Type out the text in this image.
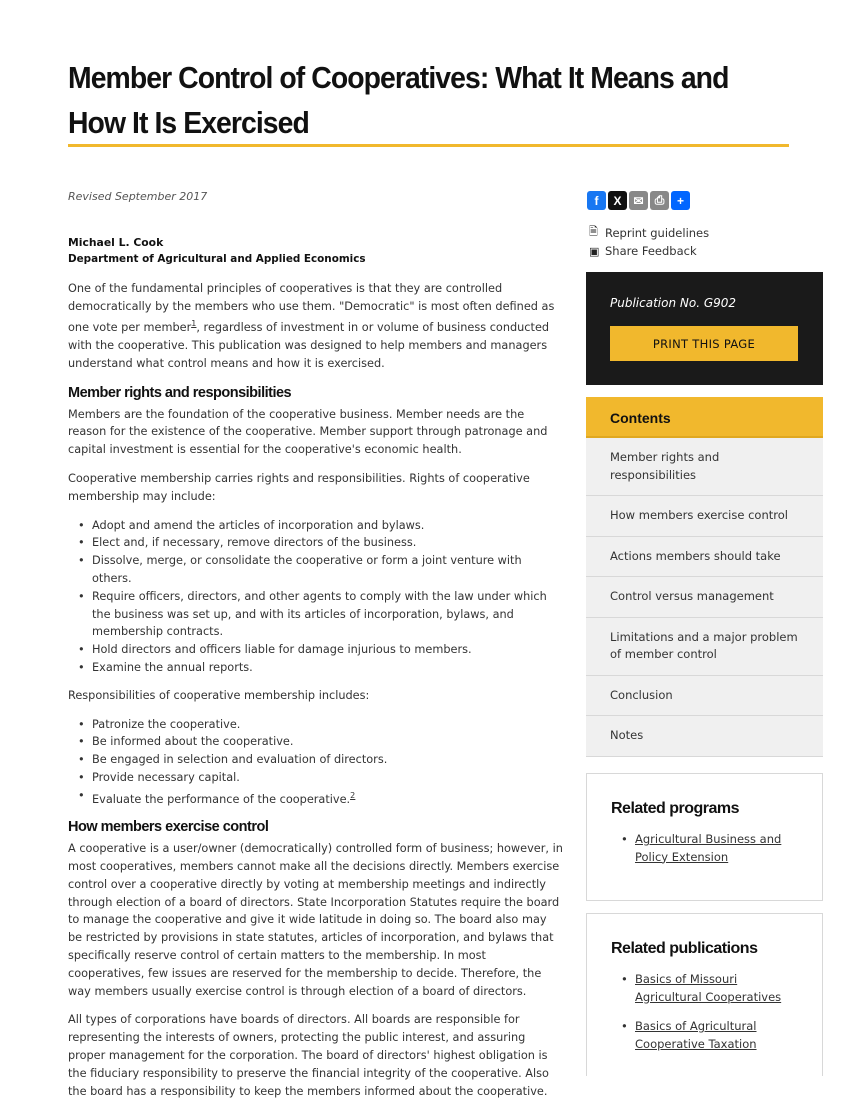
Member Control of Cooperatives: What It Means and How It Is Exercised
Revised September 2017
Michael L. Cook
Department of Agricultural and Applied Economics

One of the fundamental principles of cooperatives is that they are controlled democratically by the members who use them. "Democratic" is most often defined as one vote per member$^1$, regardless of investment in or volume of business conducted with the cooperative. This publication was designed to help members and managers understand what control means and how it is exercised.

Member rights and responsibilities

Members are the foundation of the cooperative business. Member needs are the reason for the existence of the cooperative. Member support through patronage and capital investment is essential for the cooperative's economic health.

Cooperative membership carries rights and responsibilities. Rights of cooperative membership may include:

• Adopt and amend the articles of incorporation and bylaws.
• Elect and, if necessary, remove directors of the business.
• Dissolve, merge, or consolidate the cooperative or form a joint venture with others.
• Require officers, directors, and other agents to comply with the law under which the business was set up, and with its articles of incorporation, bylaws, and membership contracts.
• Hold directors and officers liable for damage injurious to members.
• Examine the annual reports.

Responsibilities of cooperative membership includes:

• Patronize the cooperative.
• Be informed about the cooperative.
• Be engaged in selection and evaluation of directors.
• Provide necessary capital.
• Evaluate the performance of the cooperative.$^2$
How members exercise control

A cooperative is a user/owner (democratically) controlled form of business; however, in most cooperatives, members cannot make all the decisions directly. Members exercise control over a cooperative directly by voting at membership meetings and indirectly through election of a board of directors. State Incorporation Statutes require the board to manage the cooperative and give it wide latitude in doing so. The board also may be restricted by provisions in state statutes, articles of incorporation, and bylaws that specifically reserve control of certain matters to the membership. In most cooperatives, few issues are reserved for the membership to decide. Therefore, the way members usually exercise control is through election of a board of directors.

All types of corporations have boards of directors. All boards are responsible for representing the interests of owners, protecting the public interest, and assuring proper management for the corporation. The board of directors' highest obligation is the fiduciary responsibility to preserve the financial integrity of the cooperative. Also the board has a responsibility to keep the members informed about the cooperative.

f	X ✉ ⎙	+
🗎 Reprint guidelines
▣ Share Feedback
Publication No. G902
PRINT THIS PAGE
Contents
Member rights and responsibilities
How members exercise control
Actions members should take
Control versus management
Limitations and a major problem of member control
Conclusion
Notes
Related programs
• Agricultural Business and Policy Extension
Related publications
• Basics of Missouri Agricultural Cooperatives
• Basics of Agricultural Cooperative Taxation
